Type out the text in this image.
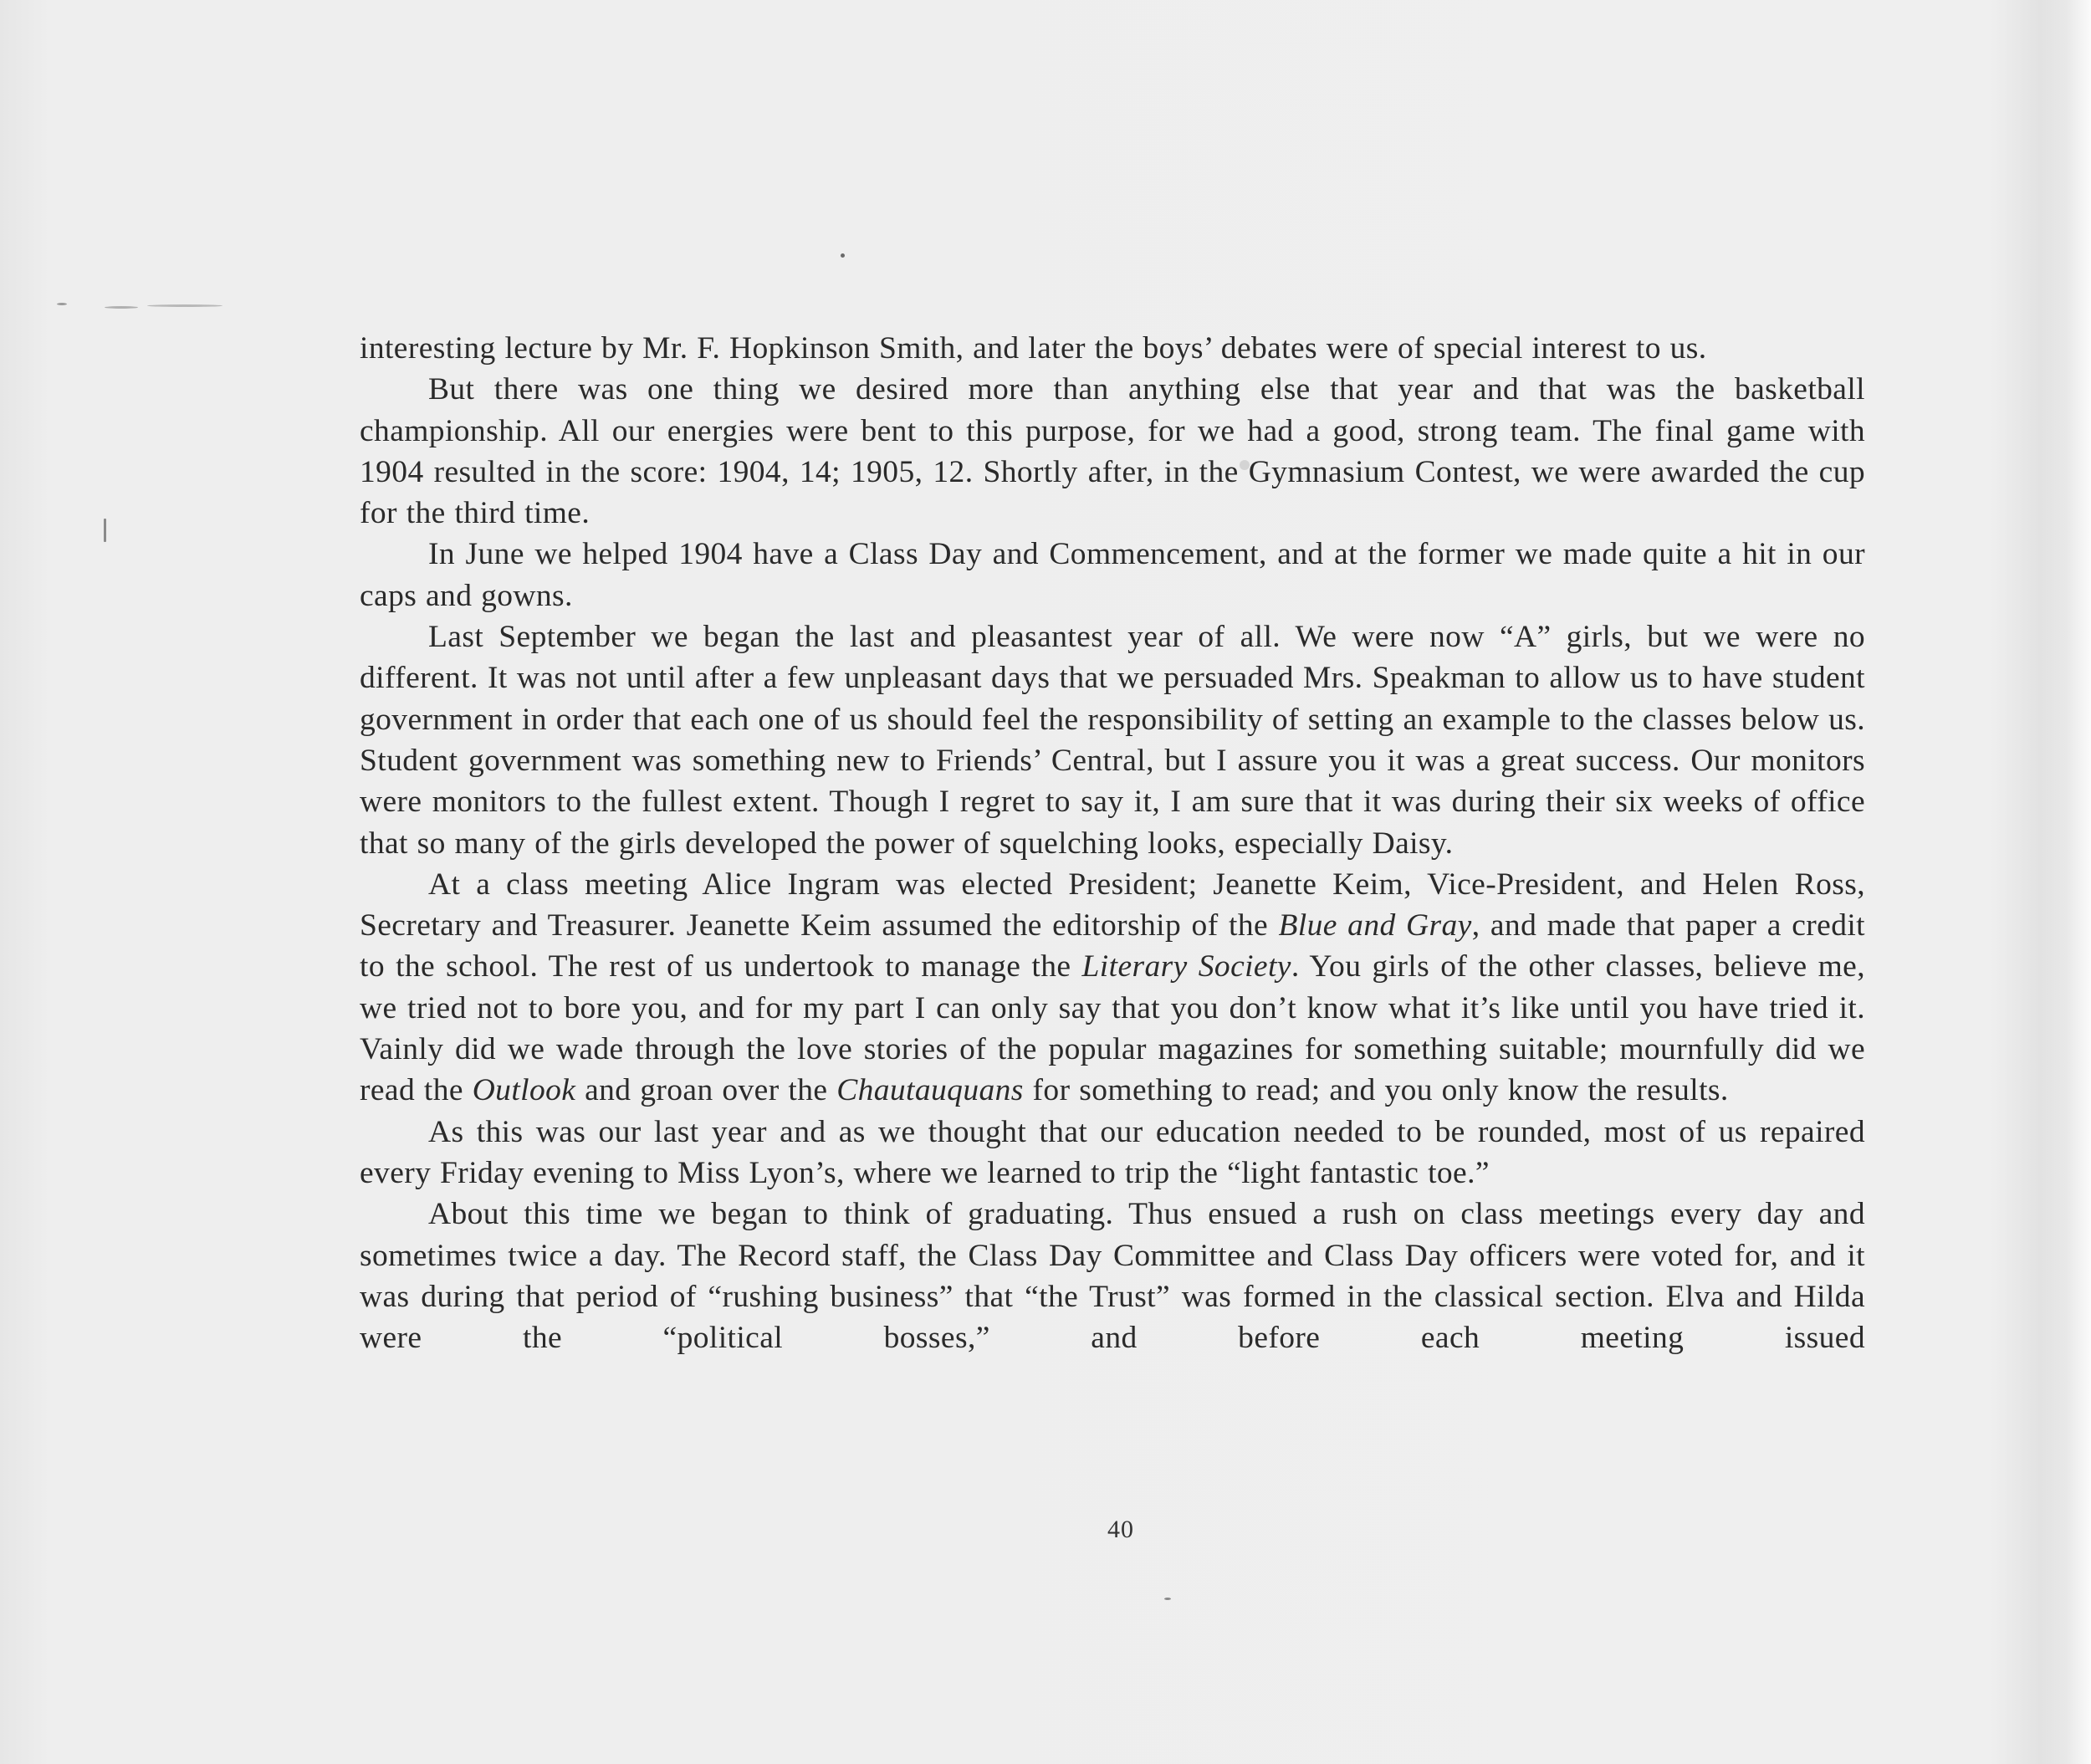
interesting lecture by Mr. F. Hopkinson Smith, and later the boys’ debates were of special interest to us.

But there was one thing we desired more than anything else that year and that was the basketball championship. All our energies were bent to this purpose, for we had a good, strong team. The final game with 1904 resulted in the score: 1904, 14; 1905, 12. Shortly after, in the Gymnasium Contest, we were awarded the cup for the third time.

In June we helped 1904 have a Class Day and Commencement, and at the former we made quite a hit in our caps and gowns.

Last September we began the last and pleasantest year of all. We were now “A” girls, but we were no different. It was not until after a few unpleasant days that we persuaded Mrs. Speakman to allow us to have student government in order that each one of us should feel the responsibility of setting an example to the classes below us. Student government was something new to Friends’ Central, but I assure you it was a great success. Our monitors were monitors to the fullest extent. Though I regret to say it, I am sure that it was during their six weeks of office that so many of the girls developed the power of squelching looks, especially Daisy.

At a class meeting Alice Ingram was elected President; Jeanette Keim, Vice-President, and Helen Ross, Secretary and Treasurer. Jeanette Keim assumed the editorship of the Blue and Gray, and made that paper a credit to the school. The rest of us undertook to manage the Literary Society. You girls of the other classes, believe me, we tried not to bore you, and for my part I can only say that you don’t know what it’s like until you have tried it. Vainly did we wade through the love stories of the popular magazines for something suitable; mournfully did we read the Outlook and groan over the Chautauquans for something to read; and you only know the results.

As this was our last year and as we thought that our education needed to be rounded, most of us repaired every Friday evening to Miss Lyon’s, where we learned to trip the “light fantastic toe.”

About this time we began to think of graduating. Thus ensued a rush on class meetings every day and sometimes twice a day. The Record staff, the Class Day Committee and Class Day officers were voted for, and it was during that period of “rushing business” that “the Trust” was formed in the classical section. Elva and Hilda were the “political bosses,” and before each meeting issued

40
